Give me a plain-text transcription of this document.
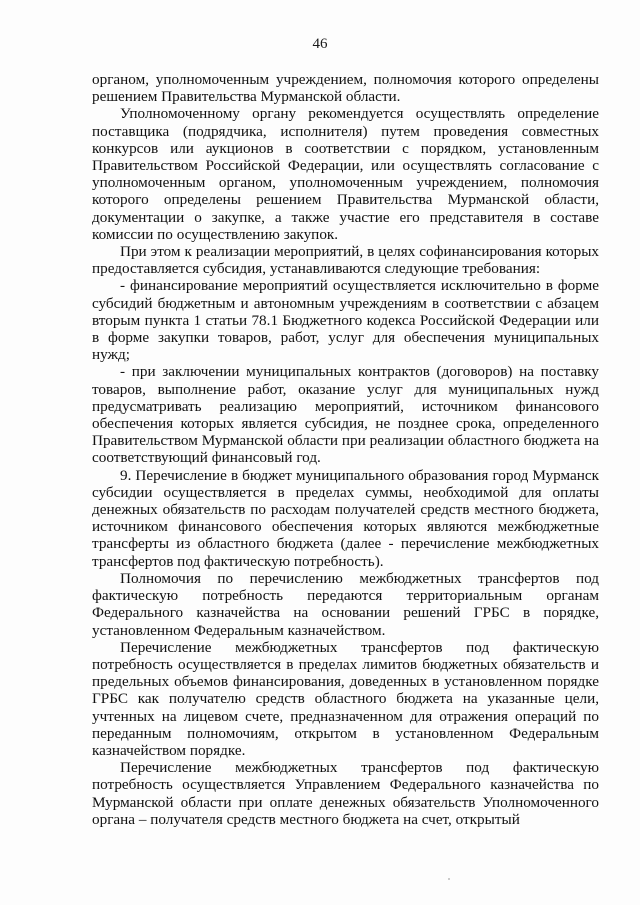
46

органом, уполномоченным учреждением, полномочия которого определены решением Правительства Мурманской области.

Уполномоченному органу рекомендуется осуществлять определение поставщика (подрядчика, исполнителя) путем проведения совместных конкурсов или аукционов в соответствии с порядком, установленным Правительством Российской Федерации, или осуществлять согласование с уполномоченным органом, уполномоченным учреждением, полномочия которого определены решением Правительства Мурманской области, документации о закупке, а также участие его представителя в составе комиссии по осуществлению закупок.

При этом к реализации мероприятий, в целях софинансирования которых предоставляется субсидия, устанавливаются следующие требования:

- финансирование мероприятий осуществляется исключительно в форме субсидий бюджетным и автономным учреждениям в соответствии с абзацем вторым пункта 1 статьи 78.1 Бюджетного кодекса Российской Федерации или в форме закупки товаров, работ, услуг для обеспечения муниципальных нужд;

- при заключении муниципальных контрактов (договоров) на поставку товаров, выполнение работ, оказание услуг для муниципальных нужд предусматривать реализацию мероприятий, источником финансового обеспечения которых является субсидия, не позднее срока, определенного Правительством Мурманской области при реализации областного бюджета на соответствующий финансовый год.

9. Перечисление в бюджет муниципального образования город Мурманск субсидии осуществляется в пределах суммы, необходимой для оплаты денежных обязательств по расходам получателей средств местного бюджета, источником финансового обеспечения которых являются межбюджетные трансферты из областного бюджета (далее - перечисление межбюджетных трансфертов под фактическую потребность).

Полномочия по перечислению межбюджетных трансфертов под фактическую потребность передаются территориальным органам Федерального казначейства на основании решений ГРБС в порядке, установленном Федеральным казначейством.

Перечисление межбюджетных трансфертов под фактическую потребность осуществляется в пределах лимитов бюджетных обязательств и предельных объемов финансирования, доведенных в установленном порядке ГРБС как получателю средств областного бюджета на указанные цели, учтенных на лицевом счете, предназначенном для отражения операций по переданным полномочиям, открытом в установленном Федеральным казначейством порядке.

Перечисление межбюджетных трансфертов под фактическую потребность осуществляется Управлением Федерального казначейства по Мурманской области при оплате денежных обязательств Уполномоченного органа – получателя средств местного бюджета на счет, открытый
